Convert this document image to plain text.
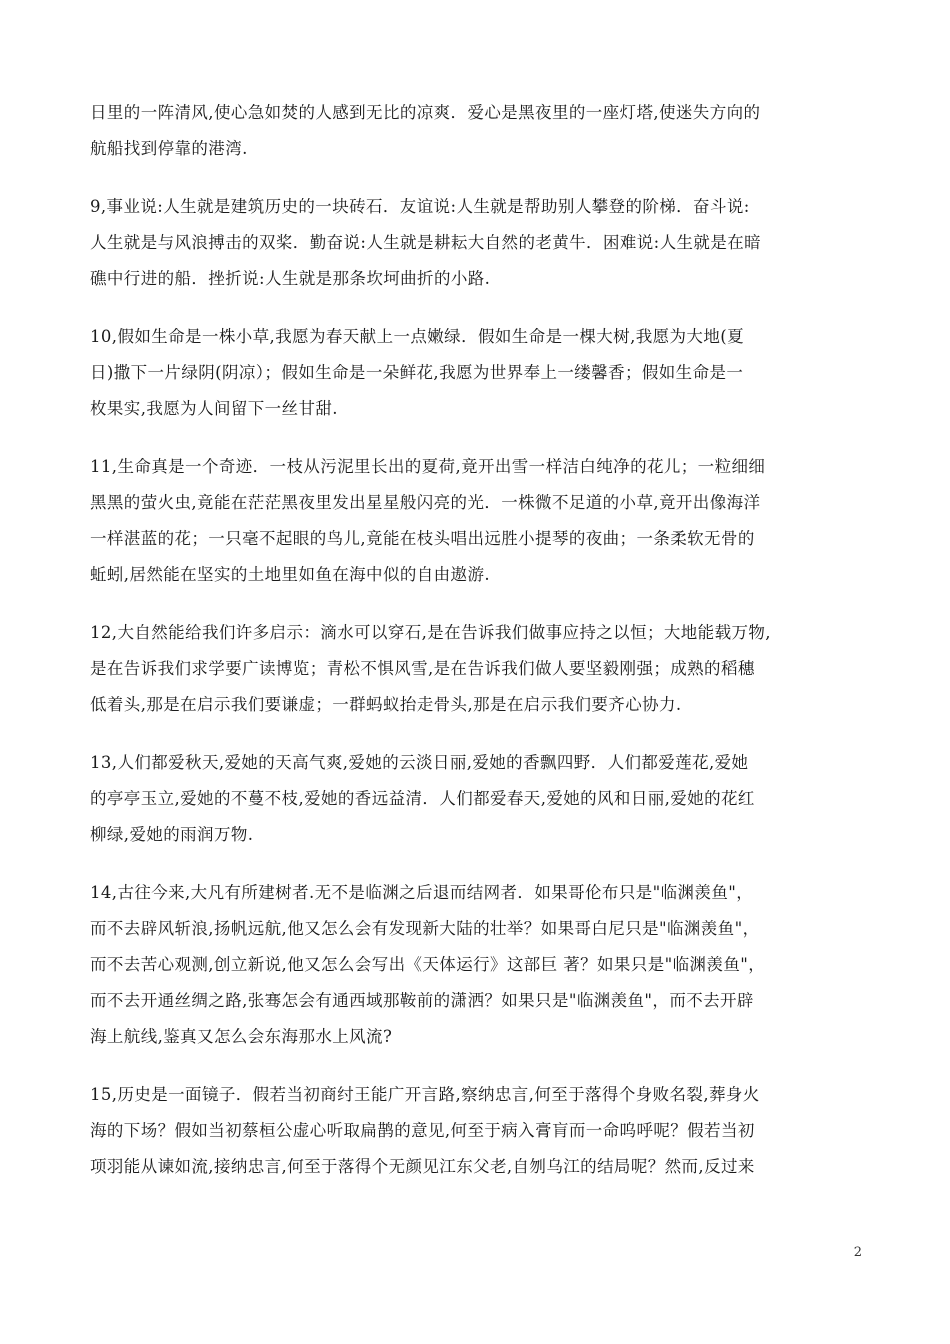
日里的一阵清风,使心急如焚的人感到无比的凉爽．爱心是黑夜里的一座灯塔,使迷失方向的
航船找到停靠的港湾.
9,事业说:人生就是建筑历史的一块砖石．友谊说:人生就是帮助别人攀登的阶梯．奋斗说:
人生就是与风浪搏击的双桨．勤奋说:人生就是耕耘大自然的老黄牛．困难说:人生就是在暗
礁中行进的船．挫折说:人生就是那条坎坷曲折的小路.
10,假如生命是一株小草,我愿为春天献上一点嫩绿．假如生命是一棵大树,我愿为大地(夏
日)撒下一片绿阴(阴凉）；假如生命是一朵鲜花,我愿为世界奉上一缕馨香；假如生命是一
枚果实,我愿为人间留下一丝甘甜.
11,生命真是一个奇迹．一枝从污泥里长出的夏荷,竟开出雪一样洁白纯净的花儿；一粒细细
黑黑的萤火虫,竟能在茫茫黑夜里发出星星般闪亮的光．一株微不足道的小草,竟开出像海洋
一样湛蓝的花；一只毫不起眼的鸟儿,竟能在枝头唱出远胜小提琴的夜曲；一条柔软无骨的
蚯蚓,居然能在坚实的土地里如鱼在海中似的自由遨游.
12,大自然能给我们许多启示：滴水可以穿石,是在告诉我们做事应持之以恒；大地能载万物,
是在告诉我们求学要广读博览；青松不惧风雪,是在告诉我们做人要坚毅刚强；成熟的稻穗
低着头,那是在启示我们要谦虚；一群蚂蚁抬走骨头,那是在启示我们要齐心协力.
13,人们都爱秋天,爱她的天高气爽,爱她的云淡日丽,爱她的香飘四野．人们都爱莲花,爱她
的亭亭玉立,爱她的不蔓不枝,爱她的香远益清．人们都爱春天,爱她的风和日丽,爱她的花红
柳绿,爱她的雨润万物.
14,古往今来,大凡有所建树者.无不是临渊之后退而结网者．如果哥伦布只是"临渊羡鱼"，
而不去辟风斩浪,扬帆远航,他又怎么会有发现新大陆的壮举？如果哥白尼只是"临渊羡鱼"，
而不去苦心观测,创立新说,他又怎么会写出《天体运行》这部巨 著？如果只是"临渊羡鱼"，
而不去开通丝绸之路,张骞怎会有通西域那鞍前的潇洒？如果只是"临渊羡鱼"，而不去开辟
海上航线,鉴真又怎么会东海那水上风流?
15,历史是一面镜子．假若当初商纣王能广开言路,察纳忠言,何至于落得个身败名裂,葬身火
海的下场？假如当初蔡桓公虚心听取扁鹊的意见,何至于病入膏肓而一命呜呼呢？假若当初
项羽能从谏如流,接纳忠言,何至于落得个无颜见江东父老,自刎乌江的结局呢？然而,反过来
2
